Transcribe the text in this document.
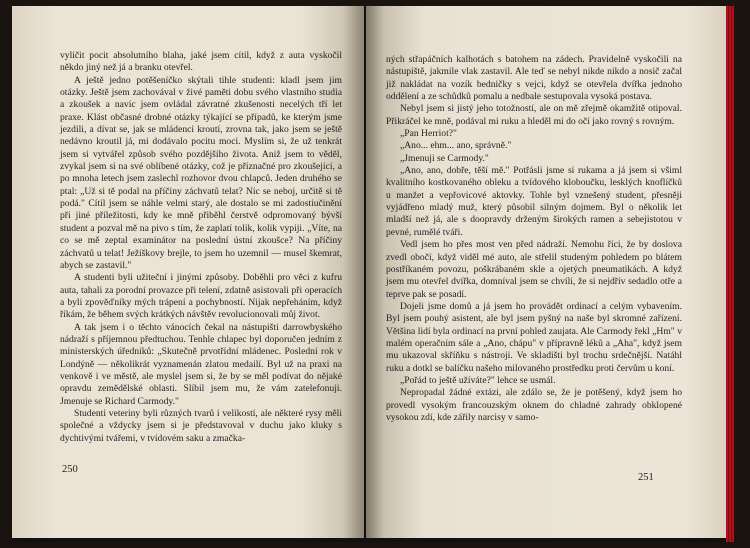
vyličit pocit absolutního blaha, jaké jsem cítil, když z auta vyskočil někdo jiný než já a branku otevřel.

A ještě jedno potěšeníčko skýtali tihle studenti: kladl jsem jim otázky. Ještě jsem zachovával v živé paměti dobu svého vlastního studia a zkoušek a navíc jsem ovládal závratné zkušenosti necelých tří let praxe. Klást občasné drobné otázky týkající se případů, ke kterým jsme jezdili, a dívat se, jak se mládenci kroutí, zrovna tak, jako jsem se ještě nedávno kroutil já, mi dodávalo pocitu moci. Myslím si, že už tenkrát jsem si vytvářel způsob svého pozdějšího života. Aniž jsem to věděl, zvykal jsem si na své oblíbené otázky, což je příznačné pro zkoušející, a po mnoha letech jsem zaslechl rozhovor dvou chlapců. Jeden druhého se ptal: „Už si tě podal na příčiny záchvatů telat? Nic se neboj, určitě si tě podá." Cítil jsem se náhle velmi starý, ale dostalo se mi zadostiučinění při jiné příležitosti, kdy ke mně přiběhl čerstvě odpromovaný bývší student a pozval mě na pivo s tím, že zaplatí tolik, kolik vypiji. „Víte, na co se mě zeptal examinátor na poslední ústní zkoušce? Na příčiny záchvatů u telat! Ježíškovy brejle, to jsem ho uzemnil — musel škemrat, abych se zastavil."

A studenti byli užiteční i jinými způsoby. Doběhli pro věci z kufru auta, tahali za porodní provazce při telení, zdatně asistovali při operacích a byli zpověďníky mých trápení a pochybností. Nijak nepřeháním, když říkám, že během svých krátkých návštěv revolucionovali můj život.

A tak jsem i o těchto vánocích čekal na nástupišti darrowbyského nádraží s příjemnou předtuchou. Tenhle chlapec byl doporučen jedním z ministerských úředníků: „Skutečně prvotřídní mládenec. Poslední rok v Londýně — několikrát vyznamenán zlatou medailí. Byl už na praxi na venkově i ve městě, ale myslel jsem si, že by se měl podívat do nějaké opravdu zemědělské oblasti. Slíbil jsem mu, že vám zatelefonuji. Jmenuje se Richard Carmody."

Studenti veteriny byli různých tvarů i velikostí, ale některé rysy měli společné a vždycky jsem si je představoval v duchu jako kluky s dychtivými tvářemi, v tvídovém saku a zmačka-

250

ných střapáčních kalhotách s batohem na zádech. Pravidelně vyskočili na nástupiště, jakmile vlak zastavil. Ale teď se nebyl nikde nikdo a nosič začal již nakládat na vozík bedničky s vejci, když se otevřela dvířka jednoho oddělení a ze schůdků pomalu a nedbale sestupovala vysoká postava.

Nebyl jsem si jistý jeho totožností, ale on mě zřejmě okamžitě otipoval. Přikráčel ke mně, podával mi ruku a hleděl mi do očí jako rovný s rovným.

„Pan Herriot?"

„Ano... ehm... ano, správně."

„Jmenuji se Carmody."

„Ano, ano, dobře, těší mě." Potřásli jsme si rukama a já jsem si všiml kvalitního kostkovaného obleku a tvídového kloboučku, lesklých knoflíčků u manžet a vepřovicové aktovky. Tohle byl vznešený student, přesněji vyjádřeno mladý muž, který působil silným dojmem. Byl o několik let mladší než já, ale s doopravdy drženým širokých ramen a sebejistotou v pevné, rumělé tváři.

Vedl jsem ho přes most ven před nádraží. Nemohu říci, že by doslova zvedl obočí, když viděl mé auto, ale střelil studeným pohledem po blátem postříkaném povozu, poškrábaném skle a ojetých pneumatikách. A když jsem mu otevřel dvířka, domníval jsem se chvíli, že si nejdřív sedadlo otře a teprve pak se posadí.

Dojeli jsme domů a já jsem ho provádět ordinací a celým vybavením. Byl jsem pouhý asistent, ale byl jsem pyšný na naše byl skromné zařízení. Většina lidí byla ordinací na první pohled zaujata. Ale Carmody řekl „Hm" v malém operačním sále a „Ano, chápu" v přípravně léků a „Aha", když jsem mu ukazoval skříňku s nástroji. Ve skladišti byl trochu srdečnější. Natáhl ruku a dotkl se balíčku našeho milovaného prostředku proti červům u koní.

„Pořád to ještě užíváte?" lehce se usmál.

Nepropadal žádné extázi, ale zdálo se, že je potěšený, když jsem ho provedl vysokým francouzským oknem do chladné zahrady obklopené vysokou zdí, kde zářily narcisy v samo-

251
